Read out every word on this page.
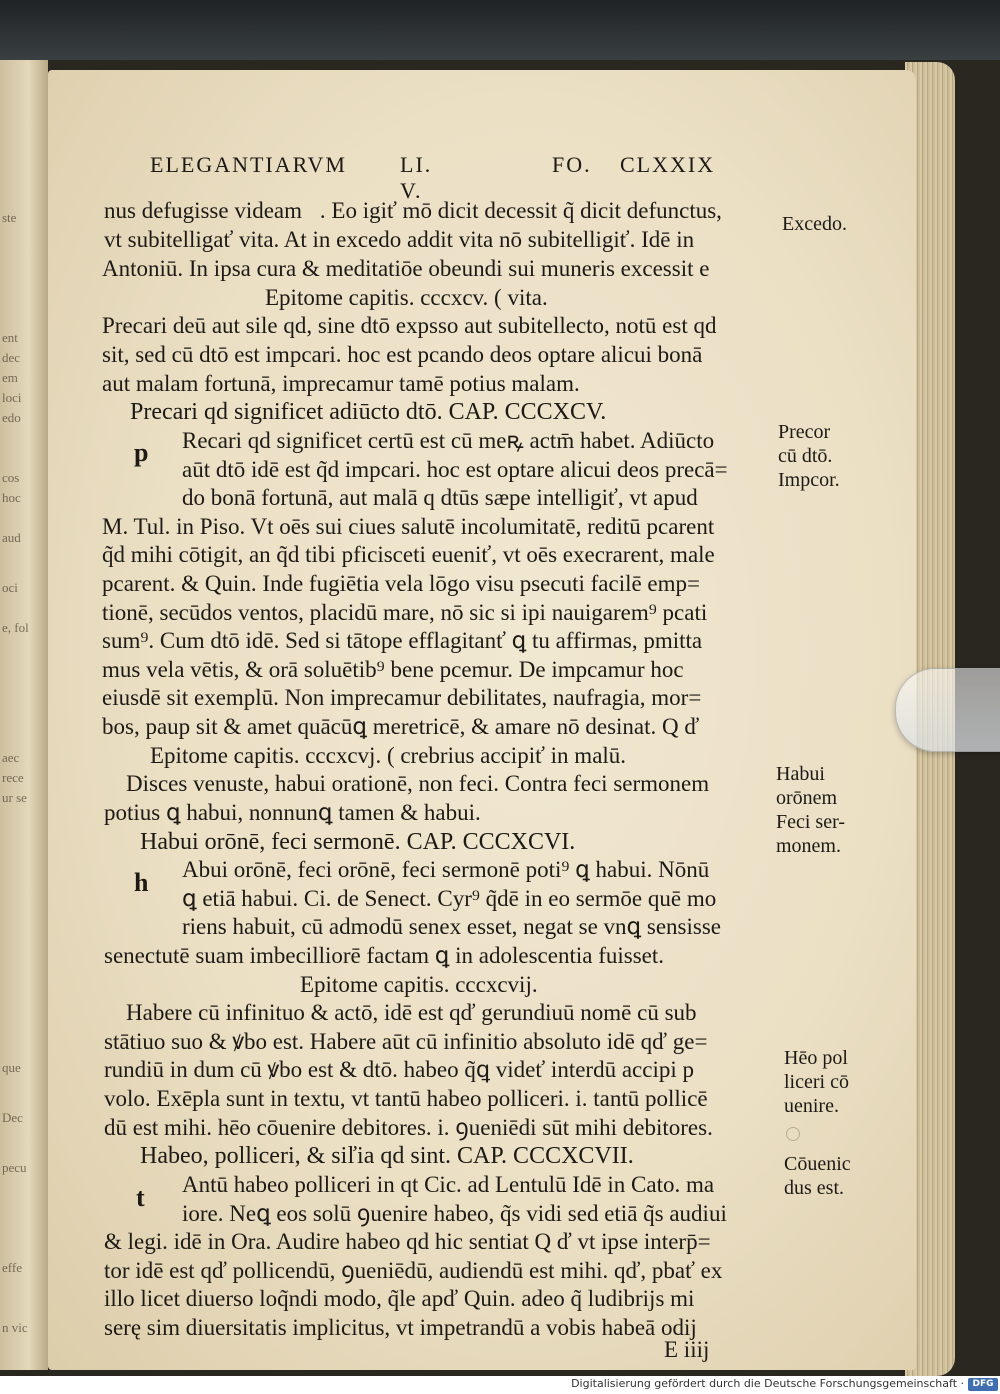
ste
ent
dec
em
loci
edo
cos
hoc
aud
oci
e, fol
aec
rece
ur se
que
Dec
pecu
effe
n vic
ELEGANTIARVM LI. V.
FO. CLXXIX
nus defugisse videamᷓ. Eo igiť mō dicit decessit q̃ dicit defunctus,
vt subitelligať vita. At in excedo addit vita nō subitelligiť. Idē in
Antoniū. In ipsa cura & meditatiōe obeundi sui muneris excessit e
Epitome capitis. cccxcv. ( vita.
Precari deū aut sile qd, sine dtō expsso aut subitellecto, notū est qd
sit, sed cū dtō est impcari. hoc est pcando deos optare alicui bonā
aut malam fortunā, imprecamur tamē potius malam.
Precari qd significet adiūcto dtō. CAP. CCCXCV.
Recari qd significet certū est cū meꝶ actm̄ habet. Adiūcto
aūt dtō idē est q̃d impcari. hoc est optare alicui deos precā=
do bonā fortunā, aut malā q dtūs sæpe intelligiť, vt apud
M. Tul. in Piso. Vt oēs sui ciues salutē incolumitatē, reditū pcarent
q̃d mihi cōtigit, an q̃d tibi pficisceti eueniť, vt oēs execrarent, male
pcarent. & Quin. Inde fugiētia vela lōgo visu psecuti facilē emp=
tionē, secūdos ventos, placidū mare, nō sic si ipi nauigarem⁹ pcati
sum⁹. Cum dtō idē. Sed si tātope efflagitanť ꝗ tu affirmas, pmitta
mus vela vētis, & orā soluētib⁹ bene pcemur. De impcamur hoc
eiusdē sit exemplū. Non imprecamur debilitates, naufragia, mor=
bos, paup sit & amet quācūꝗ meretricē, & amare nō desinat. Q ď
Epitome capitis. cccxcvj. ( crebrius accipiť in malū.
Disces venuste, habui orationē, non feci. Contra feci sermonem
potius ꝗ habui, nonnunꝗ tamen & habui.
Habui orōnē, feci sermonē. CAP. CCCXCVI.
Abui orōnē, feci orōnē, feci sermonē poti⁹ ꝗ habui. Nōnū
ꝗ etiā habui. Ci. de Senect. Cyr⁹ q̃dē in eo sermōe quē mo
riens habuit, cū admodū senex esset, negat se vnꝗ sensisse
senectutē suam imbecilliorē factam ꝗ in adolescentia fuisset.
Epitome capitis. cccxcvij.
Habere cū infinituo & actō, idē est qď gerundiuū nomē cū sub
stātiuo suo & ꝟbo est. Habere aūt cū infinitio absoluto idē qď ge=
rundiū in dum cū ꝟbo est & dtō. habeo q̃ꝗ videť interdū accipi p
volo. Exēpla sunt in textu, vt tantū habeo polliceri. i. tantū pollicē
dū est mihi. hēo cōuenire debitores. i. ꝯueniēdi sūt mihi debitores.
Habeo, polliceri, & siľia qd sint. CAP. CCCXCVII.
Antū habeo polliceri in qt Cic. ad Lentulū Idē in Cato. ma
iore. Neꝗ eos solū ꝯuenire habeo, q̃s vidi sed etiā q̃s audiui
& legi. idē in Ora. Audire habeo qd hic sentiat Q ď vt ipse interp̄=
tor idē est qď pollicendū, ꝯueniēdū, audiendū est mihi. qď, pbať ex
illo licet diuerso loq̃ndi modo, q̃le apď Quin. adeo q̃ ludibrijs mi
serę sim diuersitatis implicitus, vt impetrandū a vobis habeā odij
p
h
t
Excedo.
Precor
cū dtō.
Impcor.
Habui
orōnem
Feci ser-
monem.
Hēo pol
liceri cō
uenire.
Cōuenic
dus est.
E iiij
Digitalisierung gefördert durch die Deutsche Forschungsgemeinschaft · DFG
